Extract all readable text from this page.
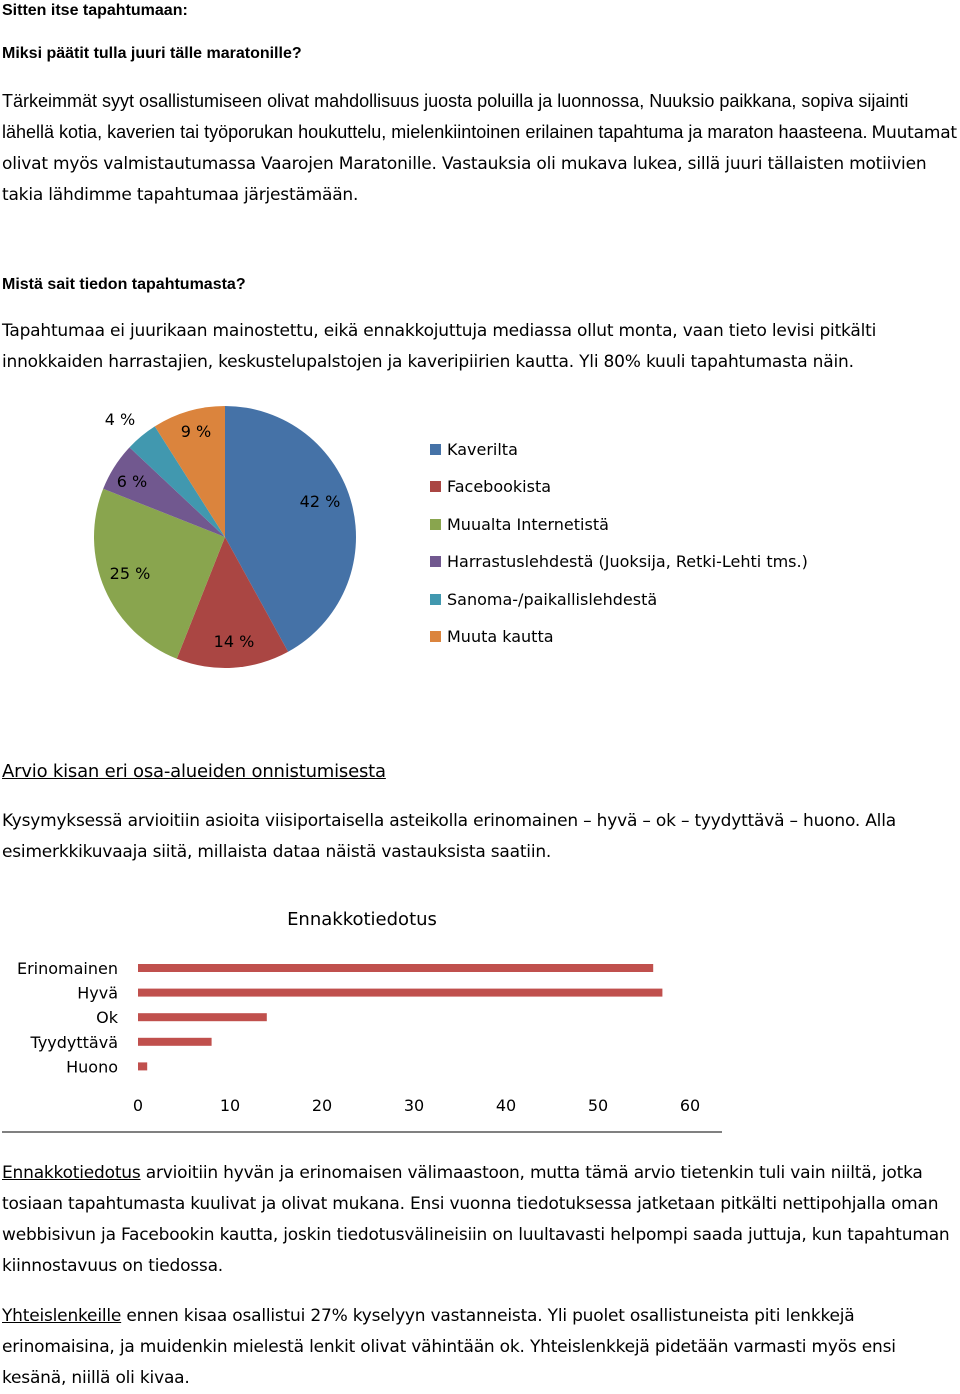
Sitten itse tapahtumaan:
Miksi päätit tulla juuri tälle maratonille?
Tärkeimmät syyt osallistumiseen olivat mahdollisuus juosta poluilla ja luonnossa, Nuuksio paikkana, sopiva sijainti lähellä kotia, kaverien tai työporukan houkuttelu, mielenkiintoinen erilainen tapahtuma ja maraton haasteena. Muutamat olivat myös valmistautumassa Vaarojen Maratonille. Vastauksia oli mukava lukea, sillä juuri tällaisten motiivien takia lähdimme tapahtumaa järjestämään.
Mistä sait tiedon tapahtumasta?
Tapahtumaa ei juurikaan mainostettu, eikä ennakkojuttuja mediassa ollut monta, vaan tieto levisi pitkälti innokkaiden harrastajien, keskustelupalstojen ja kaveripiirien kautta. Yli 80% kuuli tapahtumasta näin.
42 %
14 %
25 %
6 %
4 %
9 %
Kaverilta
Facebookista
Muualta Internetistä
Harrastuslehdestä (Juoksija, Retki-Lehti tms.)
Sanoma-/paikallislehdestä
Muuta kautta
Arvio kisan eri osa-alueiden onnistumisesta
Kysymyksessä arvioitiin asioita viisiportaisella asteikolla erinomainen – hyvä – ok – tyydyttävä – huono. Alla esimerkkikuvaaja siitä, millaista dataa näistä vastauksista saatiin.
Ennakkotiedotus
Erinomainen
Hyvä
Ok
Tyydyttävä
Huono
0	10	20	30	40	50	60
Ennakkotiedotus arvioitiin hyvän ja erinomaisen välimaastoon, mutta tämä arvio tietenkin tuli vain niiltä, jotka tosiaan tapahtumasta kuulivat ja olivat mukana. Ensi vuonna tiedotuksessa jatketaan pitkälti nettipohjalla oman webbisivun ja Facebookin kautta, joskin tiedotusvälineisiin on luultavasti helpompi saada juttuja, kun tapahtuman kiinnostavuus on tiedossa.
Yhteislenkeille ennen kisaa osallistui 27% kyselyyn vastanneista. Yli puolet osallistuneista piti lenkkejä erinomaisina, ja muidenkin mielestä lenkit olivat vähintään ok. Yhteislenkkejä pidetään varmasti myös ensi kesänä, niillä oli kivaa.
